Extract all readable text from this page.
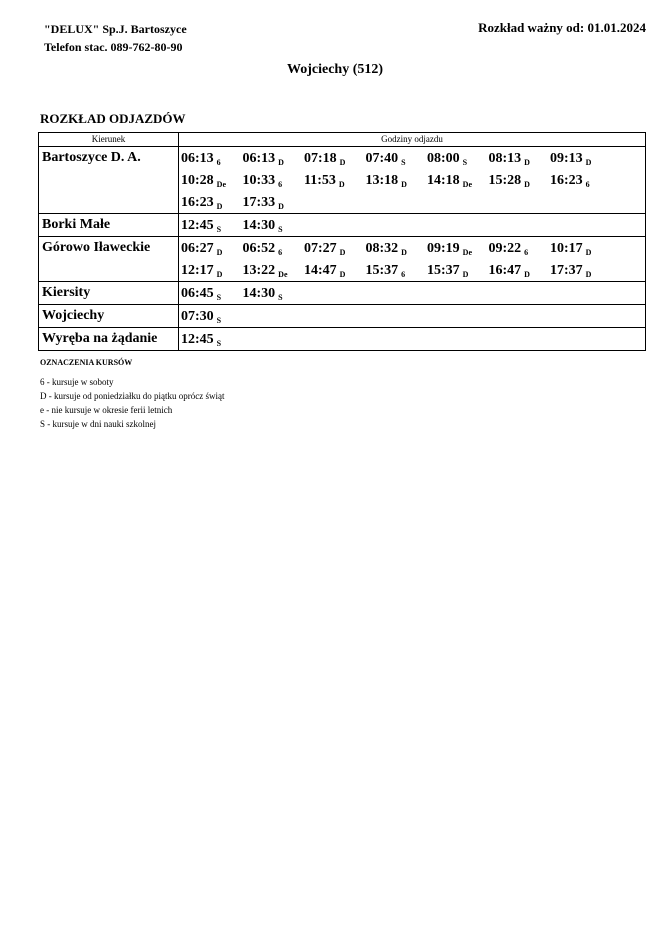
"DELUX" Sp.J. Bartoszyce
Telefon stac. 089-762-80-90
Rozkład ważny od: 01.01.2024
Wojciechy (512)
ROZKŁAD ODJAZDÓW
Kierunek	Godziny odjazdu
Bartoszyce D. A.	06:13 $_6$ 06:13 $_D$ 07:18 $_D$ 07:40 $_S$ 08:00 $_S$ 08:13 $_D$ 09:13 $_D$
10:28 $_{De}$ 10:33 $_6$ 11:53 $_D$ 13:18 $_D$ 14:18 $_{De}$ 15:28 $_D$ 16:23 $_6$
16:23 $_D$ 17:33 $_D$

Borki Małe	12:45 $_S$ 14:30 $_S$

Górowo Iławeckie	06:27 $_D$ 06:52 $_6$ 07:27 $_D$ 08:32 $_D$ 09:19 $_{De}$ 09:22 $_6$ 10:17 $_D$
12:17 $_D$ 13:22 $_{De}$ 14:47 $_D$ 15:37 $_6$ 15:37 $_D$ 16:47 $_D$ 17:37 $_D$

Kiersity	06:45 $_S$ 14:30 $_S$

Wojciechy	07:30 $_S$

Wyręba na żądanie	12:45 $_S$
OZNACZENIA KURSÓW
6 - kursuje w soboty
D - kursuje od poniedziałku do piątku oprócz świąt
e - nie kursuje w okresie ferii letnich
S - kursuje w dni nauki szkolnej
